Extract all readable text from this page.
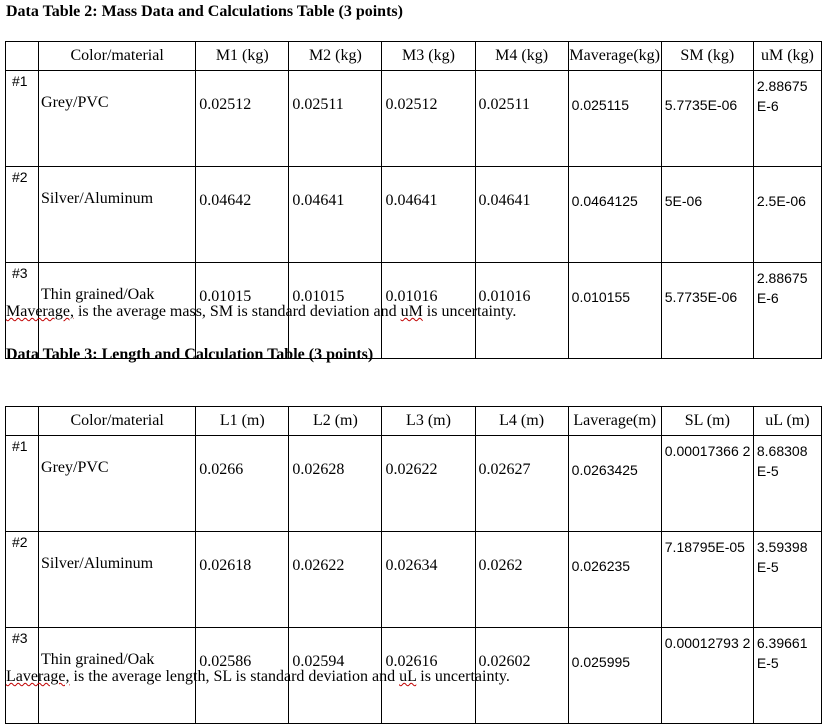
Data Table 2: Mass Data and Calculations Table (3 points)
	Color/material	M1 (kg)	M2 (kg)	M3 (kg)	M4 (kg)	Maverage(kg)	SM (kg)	uM (kg)
#1	Grey/PVC	0.02512	0.02511	0.02512	0.02511	0.025115	5.7735E-06	2.88675 E-6
#2	Silver/Aluminum	0.04642	0.04641	0.04641	0.04641	0.0464125	5E-06	2.5E-06
#3	Thin grained/Oak	0.01015	0.01015	0.01016	0.01016	0.010155	5.7735E-06	2.88675 E-6
Maverage, is the average mass, SM is standard deviation and uM is uncertainty.
Data Table 3: Length and Calculation Table (3 points)
	Color/material	L1 (m)	L2 (m)	L3 (m)	L4 (m)	Laverage(m)	SL (m)	uL (m)
#1	Grey/PVC	0.0266	0.02628	0.02622	0.02627	0.0263425	0.00017366 2	8.68308 E-5
#2	Silver/Aluminum	0.02618	0.02622	0.02634	0.0262	0.026235	7.18795E-05	3.59398 E-5
#3	Thin grained/Oak	0.02586	0.02594	0.02616	0.02602	0.025995	0.00012793 2	6.39661 E-5
Laverage, is the average length, SL is standard deviation and uL is uncertainty.
